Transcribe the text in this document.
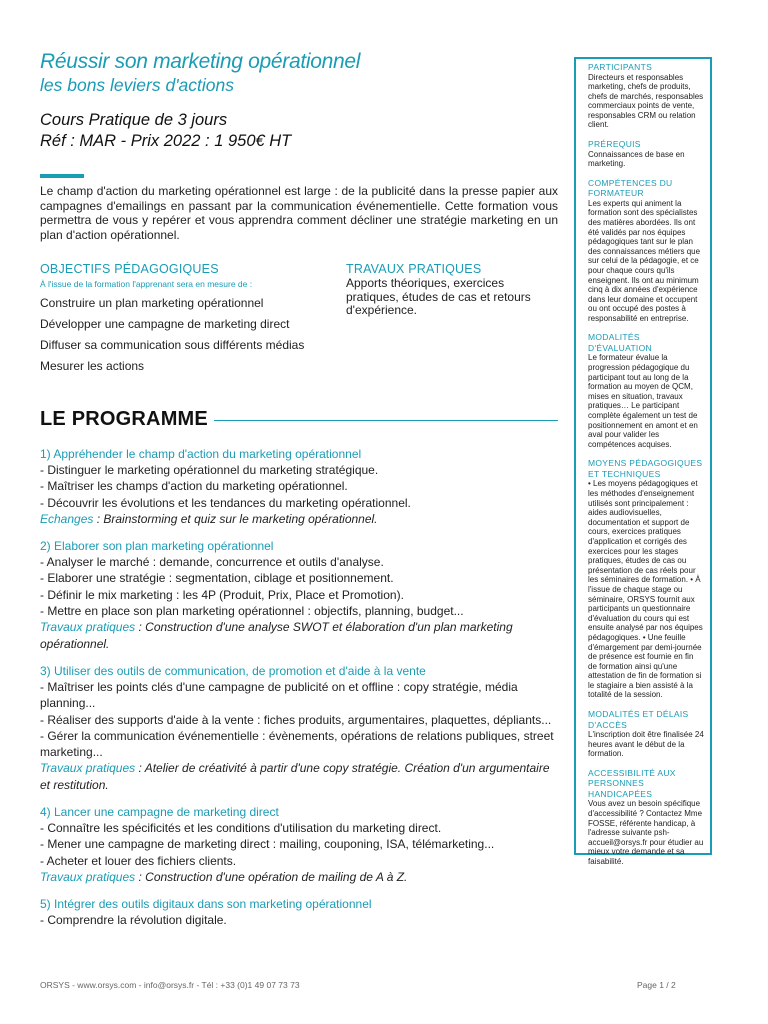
Réussir son marketing opérationnel
les bons leviers d'actions
Cours Pratique de 3 jours
Réf : MAR - Prix 2022 : 1 950€ HT

Le champ d'action du marketing opérationnel est large : de la publicité dans la presse papier aux campagnes d'emailings en passant par la communication événementielle. Cette formation vous permettra de vous y repérer et vous apprendra comment décliner une stratégie marketing en un plan d'action opérationnel.

OBJECTIFS PÉDAGOGIQUES
À l'issue de la formation l'apprenant sera en mesure de :
Construire un plan marketing opérationnel
Développer une campagne de marketing direct
Diffuser sa communication sous différents médias
Mesurer les actions
TRAVAUX PRATIQUES
Apports théoriques, exercices pratiques, études de cas et retours d'expérience.
LE PROGRAMME
1) Appréhender le champ d'action du marketing opérationnel
- Distinguer le marketing opérationnel du marketing stratégique.
- Maîtriser les champs d'action du marketing opérationnel.
- Découvrir les évolutions et les tendances du marketing opérationnel.
Echanges : Brainstorming et quiz sur le marketing opérationnel.
2) Elaborer son plan marketing opérationnel
- Analyser le marché : demande, concurrence et outils d'analyse.
- Elaborer une stratégie : segmentation, ciblage et positionnement.
- Définir le mix marketing : les 4P (Produit, Prix, Place et Promotion).
- Mettre en place son plan marketing opérationnel : objectifs, planning, budget...
Travaux pratiques : Construction d'une analyse SWOT et élaboration d'un plan marketing opérationnel.
3) Utiliser des outils de communication, de promotion et d'aide à la vente
- Maîtriser les points clés d'une campagne de publicité on et offline : copy stratégie, média planning...
- Réaliser des supports d'aide à la vente : fiches produits, argumentaires, plaquettes, dépliants...
- Gérer la communication événementielle : évènements, opérations de relations publiques, street marketing...
Travaux pratiques : Atelier de créativité à partir d'une copy stratégie. Création d'un argumentaire et restitution.
4) Lancer une campagne de marketing direct
- Connaître les spécificités et les conditions d'utilisation du marketing direct.
- Mener une campagne de marketing direct : mailing, couponing, ISA, télémarketing...
- Acheter et louer des fichiers clients.
Travaux pratiques : Construction d'une opération de mailing de A à Z.
5) Intégrer des outils digitaux dans son marketing opérationnel
- Comprendre la révolution digitale.
PARTICIPANTS
Directeurs et responsables marketing, chefs de produits, chefs de marchés, responsables commerciaux points de vente, responsables CRM ou relation client.
PRÉREQUIS
Connaissances de base en marketing.
COMPÉTENCES DU FORMATEUR
Les experts qui animent la formation sont des spécialistes des matières abordées. Ils ont été validés par nos équipes pédagogiques tant sur le plan des connaissances métiers que sur celui de la pédagogie, et ce pour chaque cours qu'ils enseignent. Ils ont au minimum cinq à dix années d'expérience dans leur domaine et occupent ou ont occupé des postes à responsabilité en entreprise.
MODALITÉS D'ÉVALUATION
Le formateur évalue la progression pédagogique du participant tout au long de la formation au moyen de QCM, mises en situation, travaux pratiques… Le participant complète également un test de positionnement en amont et en aval pour valider les compétences acquises.
MOYENS PÉDAGOGIQUES ET TECHNIQUES
• Les moyens pédagogiques et les méthodes d'enseignement utilisés sont principalement : aides audiovisuelles, documentation et support de cours, exercices pratiques d'application et corrigés des exercices pour les stages pratiques, études de cas ou présentation de cas réels pour les séminaires de formation. • À l'issue de chaque stage ou séminaire, ORSYS fournit aux participants un questionnaire d'évaluation du cours qui est ensuite analysé par nos équipes pédagogiques. • Une feuille d'émargement par demi-journée de présence est fournie en fin de formation ainsi qu'une attestation de fin de formation si le stagiaire a bien assisté à la totalité de la session.
MODALITÉS ET DÉLAIS D'ACCÈS
L'inscription doit être finalisée 24 heures avant le début de la formation.
ACCESSIBILITÉ AUX PERSONNES HANDICAPÉES
Vous avez un besoin spécifique d'accessibilité ? Contactez Mme FOSSE, référente handicap, à l'adresse suivante psh-accueil@orsys.fr pour étudier au mieux votre demande et sa faisabilité.
ORSYS - www.orsys.com - info@orsys.fr - Tél : +33 (0)1 49 07 73 73	Page 1 / 2
